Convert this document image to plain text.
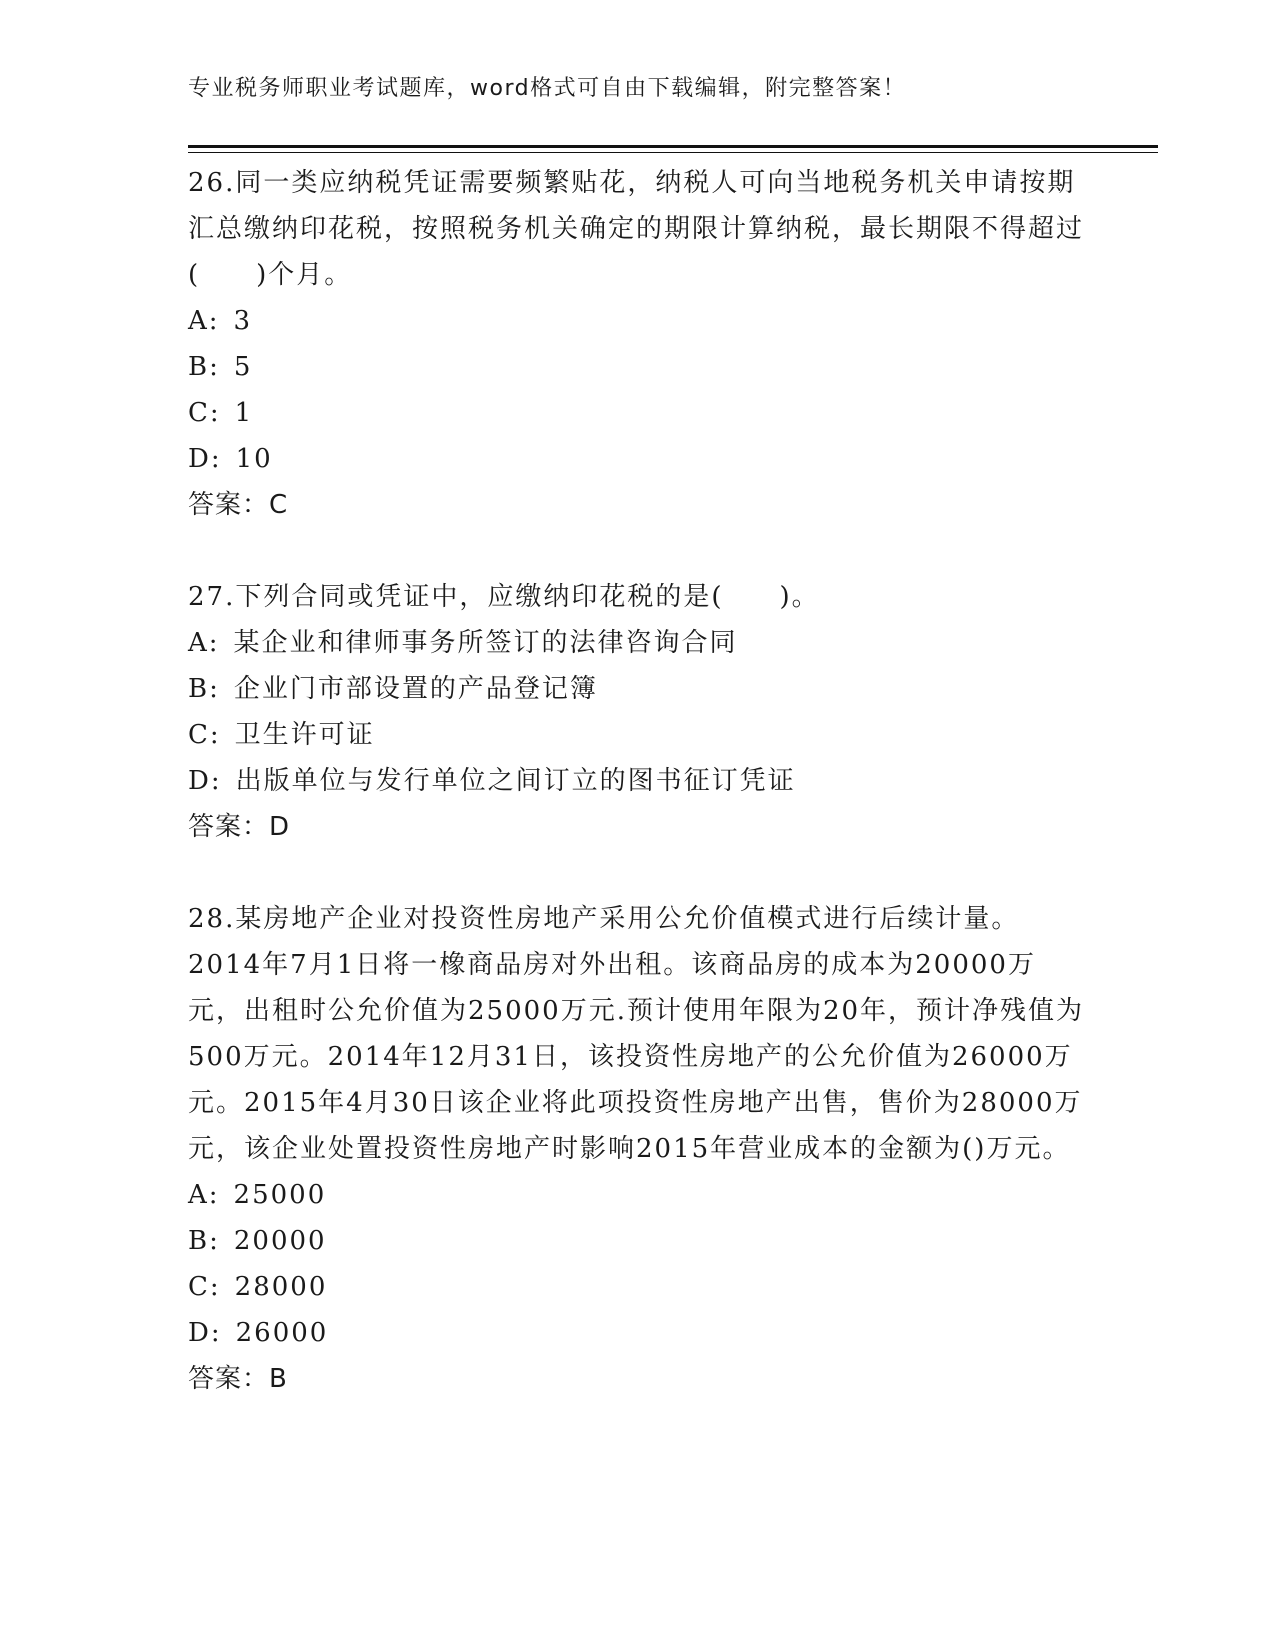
专业税务师职业考试题库，word格式可自由下载编辑，附完整答案！

26.同一类应纳税凭证需要频繁贴花，纳税人可向当地税务机关申请按期汇总缴纳印花税，按照税务机关确定的期限计算纳税，最长期限不得超过(　　)个月。

A: 3

B: 5

C: 1

D: 10

答案：C

27.下列合同或凭证中，应缴纳印花税的是(　　)。

A: 某企业和律师事务所签订的法律咨询合同

B: 企业门市部设置的产品登记簿

C: 卫生许可证

D: 出版单位与发行单位之间订立的图书征订凭证

答案：D

28.某房地产企业对投资性房地产采用公允价值模式进行后续计量。2014年7月1日将一橡商品房对外出租。该商品房的成本为20000万元，出租时公允价值为25000万元.预计使用年限为20年，预计净残值为500万元。2014年12月31日，该投资性房地产的公允价值为26000万元。2015年4月30日该企业将此项投资性房地产出售，售价为28000万元，该企业处置投资性房地产时影响2015年营业成本的金额为()万元。

A: 25000

B: 20000

C: 28000

D: 26000

答案：B
